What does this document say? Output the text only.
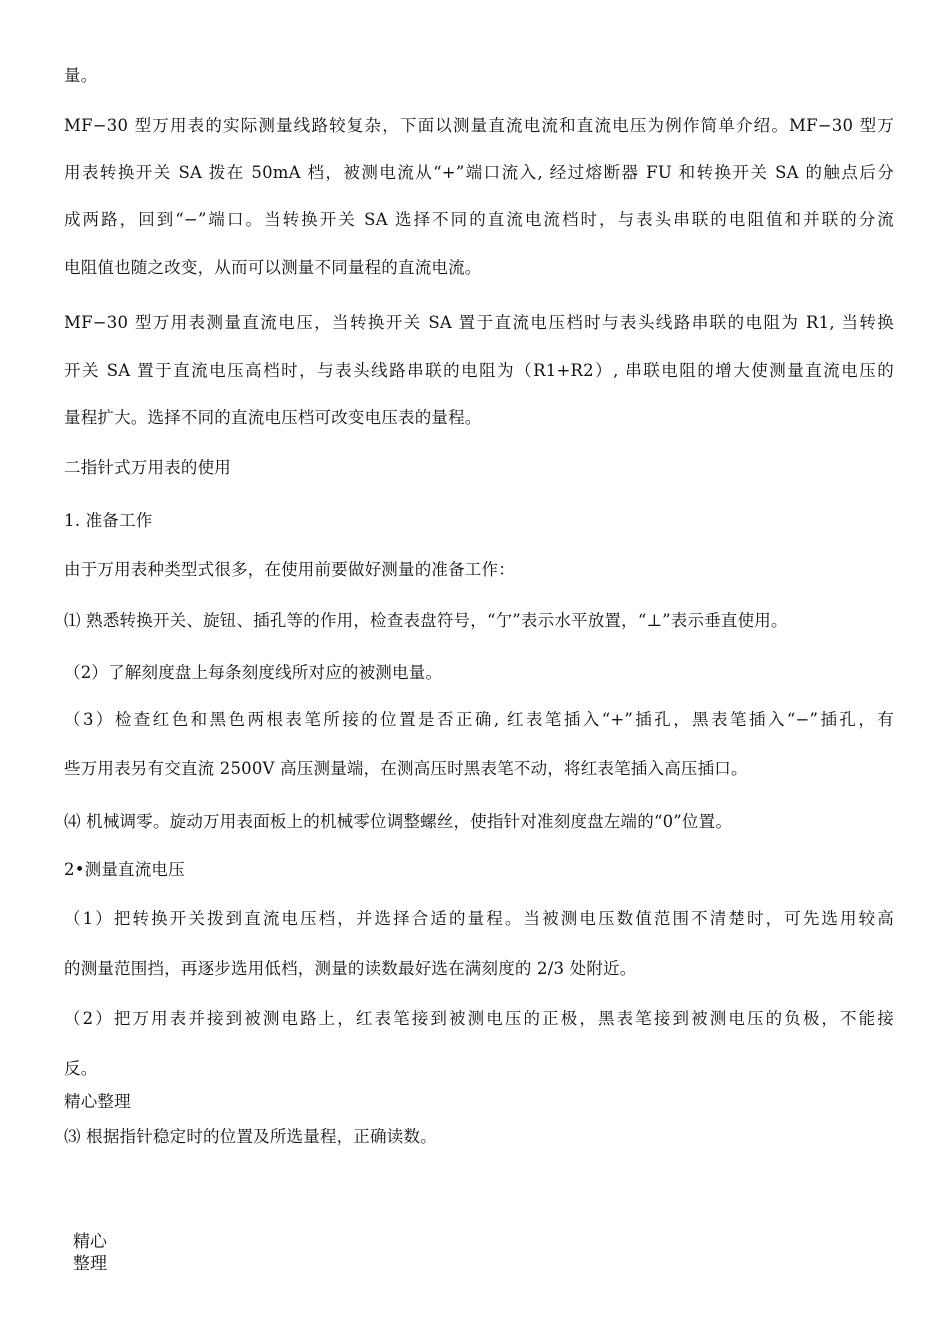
量。
MF−30 型万用表的实际测量线路较复杂，下面以测量直流电流和直流电压为例作简单介绍。MF−30 型万
用表转换开关 SA 拨在 50mA 档，被测电流从“+”端口流入, 经过熔断器 FU 和转换开关 SA 的触点后分
成两路，回到“−”端口。当转换开关 SA 选择不同的直流电流档时，与表头串联的电阻值和并联的分流
电阻值也随之改变，从而可以测量不同量程的直流电流。
MF−30 型万用表测量直流电压，当转换开关 SA 置于直流电压档时与表头线路串联的电阻为 R1, 当转换
开关 SA 置于直流电压高档时，与表头线路串联的电阻为（R1+R2）, 串联电阻的增大使测量直流电压的
量程扩大。选择不同的直流电压档可改变电压表的量程。
二指针式万用表的使用
1. 准备工作
由于万用表种类型式很多，在使用前要做好测量的准备工作：
⑴ 熟悉转换开关、旋钮、插孔等的作用，检查表盘符号，“亇”表示水平放置，“⊥”表示垂直使用。
（2）了解刻度盘上每条刻度线所对应的被测电量。
（3）检查红色和黑色两根表笔所接的位置是否正确, 红表笔插入“+”插孔，黑表笔插入“−”插孔，有
些万用表另有交直流 2500V 高压测量端，在测高压时黑表笔不动，将红表笔插入高压插口。
⑷ 机械调零。旋动万用表面板上的机械零位调整螺丝，使指针对准刻度盘左端的“0”位置。
2•测量直流电压
（1）把转换开关拨到直流电压档，并选择合适的量程。当被测电压数值范围不清楚时，可先选用较高
的测量范围挡，再逐步选用低档，测量的读数最好选在满刻度的 2/3 处附近。
（2）把万用表并接到被测电路上，红表笔接到被测电压的正极，黑表笔接到被测电压的负极，不能接
反。
精心整理
⑶ 根据指针稳定时的位置及所选量程，正确读数。
精心
整理
